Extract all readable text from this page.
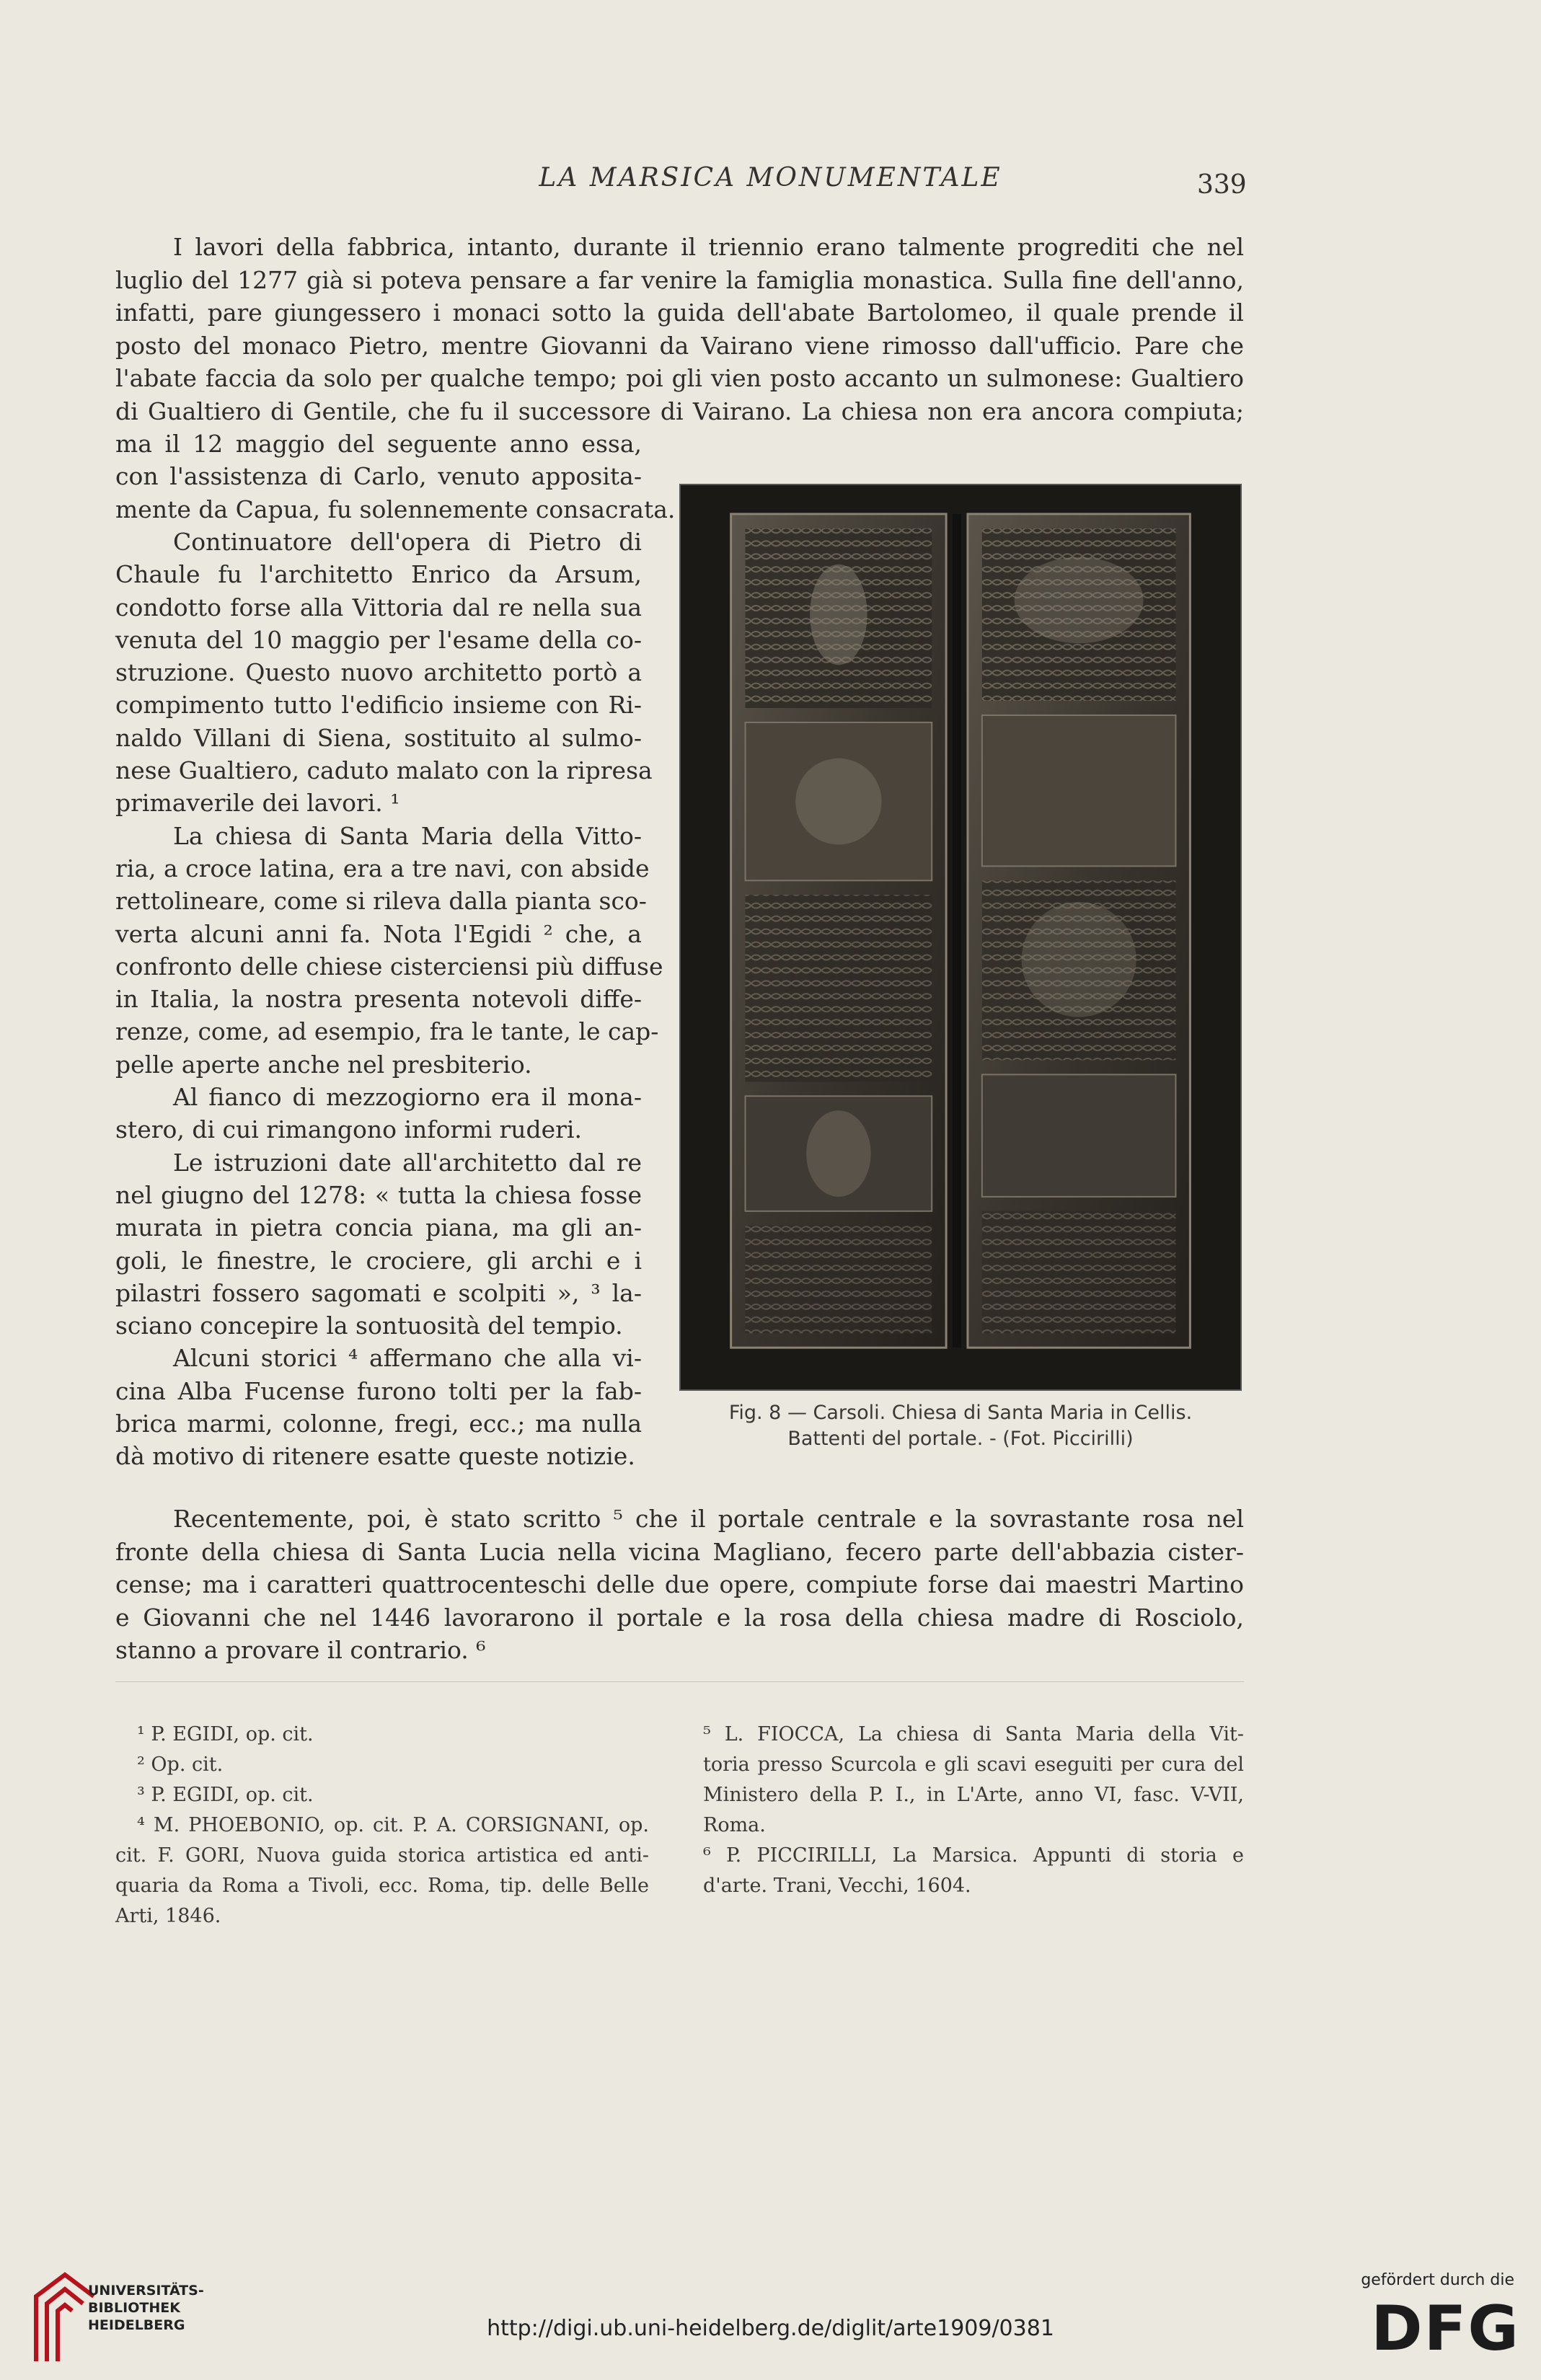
LA MARSICA MONUMENTALE	339
I lavori della fabbrica, intanto, durante il triennio erano talmente progrediti che nel
luglio del 1277 già si poteva pensare a far venire la famiglia monastica. Sulla fine dell'anno,
infatti, pare giungessero i monaci sotto la guida dell'abate Bartolomeo, il quale prende il
posto del monaco Pietro, mentre Giovanni da Vairano viene rimosso dall'ufficio. Pare che
l'abate faccia da solo per qualche tempo; poi gli vien posto accanto un sulmonese: Gualtiero
di Gualtiero di Gentile, che fu il successore di Vairano. La chiesa non era ancora compiuta;
ma il 12 maggio del seguente anno essa,
con l'assistenza di Carlo, venuto apposita-
mente da Capua, fu solennemente consacrata.
Continuatore dell'opera di Pietro di
Chaule fu l'architetto Enrico da Arsum,
condotto forse alla Vittoria dal re nella sua
venuta del 10 maggio per l'esame della co-
struzione. Questo nuovo architetto portò a
compimento tutto l'edificio insieme con Ri-
naldo Villani di Siena, sostituito al sulmo-
nese Gualtiero, caduto malato con la ripresa
primaverile dei lavori. ¹
La chiesa di Santa Maria della Vitto-
ria, a croce latina, era a tre navi, con abside
rettolineare, come si rileva dalla pianta sco-
verta alcuni anni fa. Nota l'Egidi ² che, a
confronto delle chiese cisterciensi più diffuse
in Italia, la nostra presenta notevoli diffe-
renze, come, ad esempio, fra le tante, le cap-
pelle aperte anche nel presbiterio.
Al fianco di mezzogiorno era il mona-
stero, di cui rimangono informi ruderi.
Le istruzioni date all'architetto dal re
nel giugno del 1278: « tutta la chiesa fosse
murata in pietra concia piana, ma gli an-
goli, le finestre, le crociere, gli archi e i
pilastri fossero sagomati e scolpiti », ³ la-
sciano concepire la sontuosità del tempio.
Alcuni storici ⁴ affermano che alla vi-
cina Alba Fucense furono tolti per la fab-
brica marmi, colonne, fregi, ecc.; ma nulla
dà motivo di ritenere esatte queste notizie.
Recentemente, poi, è stato scritto ⁵ che il portale centrale e la sovrastante rosa nel
fronte della chiesa di Santa Lucia nella vicina Magliano, fecero parte dell'abbazia cister-
cense; ma i caratteri quattrocenteschi delle due opere, compiute forse dai maestri Martino
e Giovanni che nel 1446 lavorarono il portale e la rosa della chiesa madre di Rosciolo,
stanno a provare il contrario. ⁶
Fig. 8 — Carsoli. Chiesa di Santa Maria in Cellis.
Battenti del portale. - (Fot. Piccirilli)
¹ P. EGIDI, op. cit.
² Op. cit.
³ P. EGIDI, op. cit.
⁴ M. PHOEBONIO, op. cit. P. A. CORSIGNANI, op.
cit. F. GORI, Nuova guida storica artistica ed anti-
quaria da Roma a Tivoli, ecc. Roma, tip. delle Belle
Arti, 1846.
⁵ L. FIOCCA, La chiesa di Santa Maria della Vit-
toria presso Scurcola e gli scavi eseguiti per cura del
Ministero della P. I., in L'Arte, anno VI, fasc. V-VII,
Roma.
⁶ P. PICCIRILLI, La Marsica. Appunti di storia e
d'arte. Trani, Vecchi, 1604.
UNIVERSITÄTS-
BIBLIOTHEK
HEIDELBERG	http://digi.ub.uni-heidelberg.de/diglit/arte1909/0381
gefördert durch die
DFG
